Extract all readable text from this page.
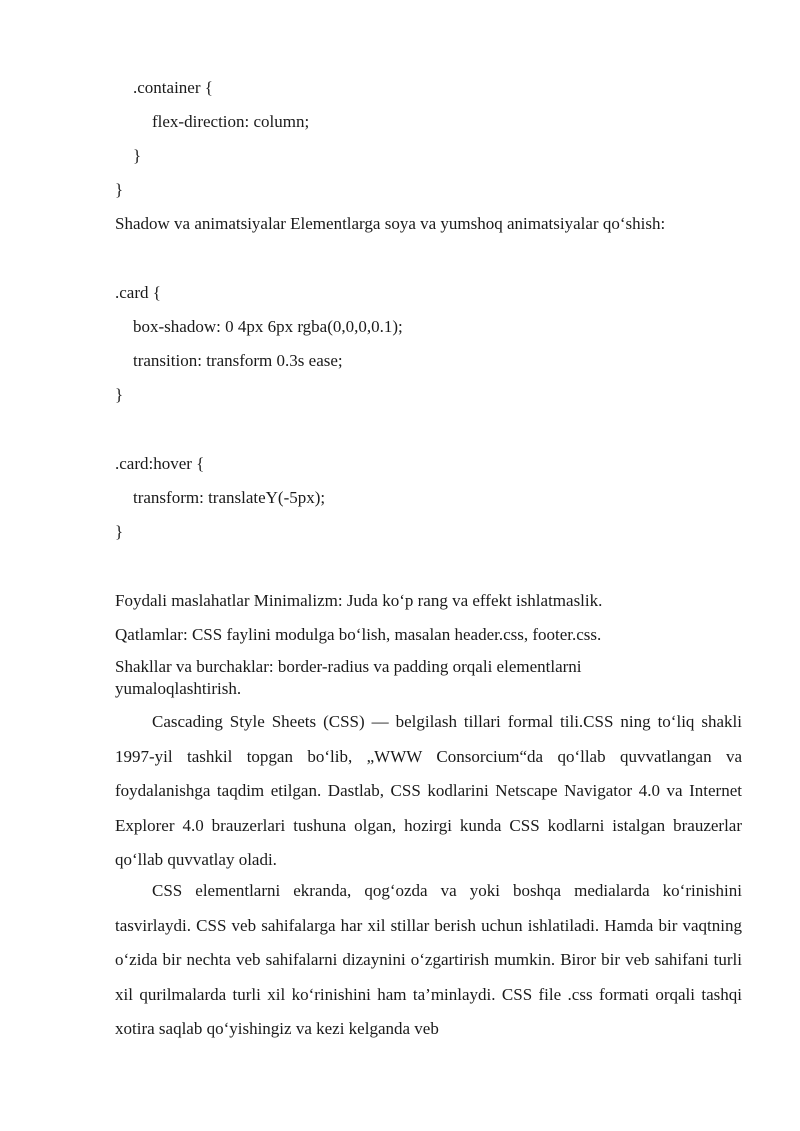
.container {
flex-direction: column;
}
}
Shadow va animatsiyalar Elementlarga soya va yumshoq animatsiyalar qo‘shish:
.card {
box-shadow: 0 4px 6px rgba(0,0,0,0.1);
transition: transform 0.3s ease;
}
.card:hover {
transform: translateY(-5px);
}
Foydali maslahatlar Minimalizm: Juda ko‘p rang va effekt ishlatmaslik.
Qatlamlar: CSS faylini modulga bo‘lish, masalan header.css, footer.css.

Shakllar va burchaklar: border-radius va padding orqali elementlarni yumaloqlashtirish.

Cascading Style Sheets (CSS) — belgilash tillari formal tili.CSS ning to‘liq shakli 1997-yil tashkil topgan bo‘lib, „WWW Consorcium“da qo‘llab quvvatlangan va foydalanishga taqdim etilgan. Dastlab, CSS kodlarini Netscape Navigator 4.0 va Internet Explorer 4.0 brauzerlari tushuna olgan, hozirgi kunda CSS kodlarni istalgan brauzerlar qo‘llab quvvatlay oladi.

CSS elementlarni ekranda, qog‘ozda va yoki boshqa medialarda ko‘rinishini tasvirlaydi. CSS veb sahifalarga har xil stillar berish uchun ishlatiladi. Hamda bir vaqtning o‘zida bir nechta veb sahifalarni dizaynini o‘zgartirish mumkin. Biror bir veb sahifani turli xil qurilmalarda turli xil ko‘rinishini ham ta’minlaydi. CSS file .css formati orqali tashqi xotira saqlab qo‘yishingiz va kezi kelganda veb
